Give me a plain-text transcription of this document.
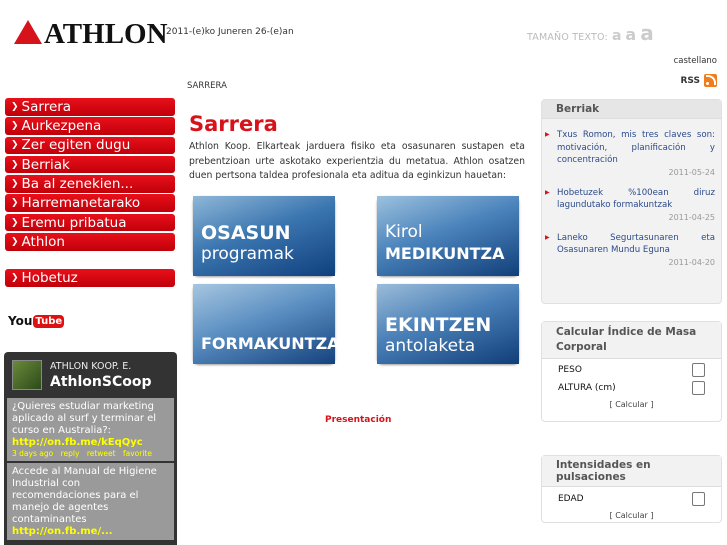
ATHLON
2011-(e)ko Juneren 26-(e)an	TAMAÑO TEXTO: a a a
castellano
RSS
SARRERA
❯ Sarrera
❯ Aurkezpena
❯ Zer egiten dugu
❯ Berriak
❯ Ba al zenekien...
❯ Harremanetarako
❯ Eremu pribatua
❯ Athlon
❯ Hobetuz
You Tube
ATHLON KOOP. E.
AthlonSCoop
¿Quieres estudiar marketing aplicado al surf y terminar el curso en Australia?:
http://on.fb.me/kEqQyc
3 days ago reply retweet favorite
Accede al Manual de Higiene Industrial con recomendaciones para el manejo de agentes contaminantes
http://on.fb.me/...
Sarrera
Athlon Koop. Elkarteak jarduera fisiko eta osasunaren sustapen eta prebentzioan urte askotako experientzia du metatua. Athlon osatzen duen pertsona taldea profesionala eta aditua da eginkizun hauetan:
OSASUN
programak
Kirol
MEDIKUNTZA
FORMAKUNTZA
EKINTZEN
antolaketa
Presentación
Berriak
▶ Txus Romon, mis tres claves son: motivación, planificación y concentración
2011-05-24
▶ Hobetuzek %100ean diruz lagundutako formakuntzak
2011-04-25
▶ Laneko Segurtasunaren eta Osasunaren Mundu Eguna
2011-04-20
Calcular Índice de Masa Corporal
PESO
ALTURA (cm)
[ Calcular ]
Intensidades en pulsaciones
EDAD
[ Calcular ]
